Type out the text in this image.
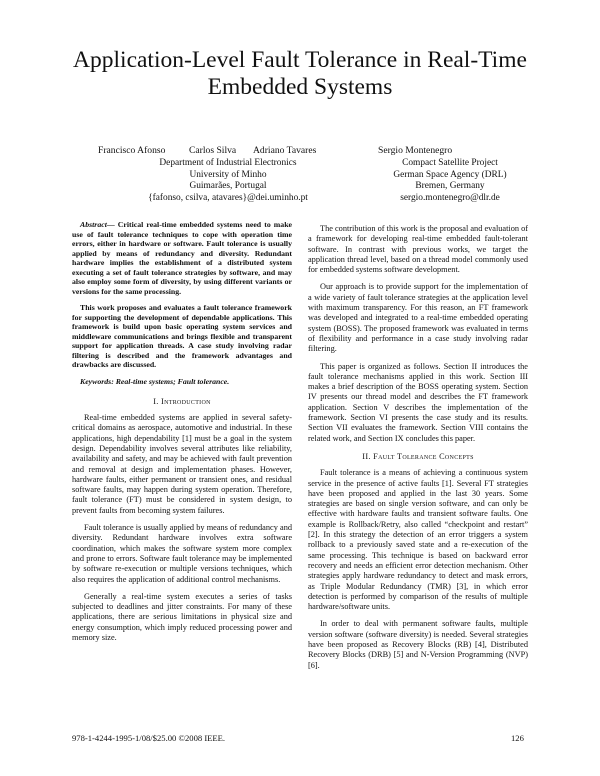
Application-Level Fault Tolerance in Real-Time Embedded Systems
Francisco Afonso Carlos Silva Adriano Tavares	Sergio Montenegro
Department of Industrial Electronics
University of Minho
Guimarães, Portugal
{fafonso, csilva, atavares}@dei.uminho.pt
Compact Satellite Project
German Space Agency (DRL)
Bremen, Germany
sergio.montenegro@dlr.de

Abstract— Critical real-time embedded systems need to make use of fault tolerance techniques to cope with operation time errors, either in hardware or software. Fault tolerance is usually applied by means of redundancy and diversity. Redundant hardware implies the establishment of a distributed system executing a set of fault tolerance strategies by software, and may also employ some form of diversity, by using different variants or versions for the same processing.

This work proposes and evaluates a fault tolerance framework for supporting the development of dependable applications. This framework is build upon basic operating system services and middleware communications and brings flexible and transparent support for application threads. A case study involving radar filtering is described and the framework advantages and drawbacks are discussed.

Keywords: Real-time systems; Fault tolerance.

I. Introduction

Real-time embedded systems are applied in several safety-critical domains as aerospace, automotive and industrial. In these applications, high dependability [1] must be a goal in the system design. Dependability involves several attributes like reliability, availability and safety, and may be achieved with fault prevention and removal at design and implementation phases. However, hardware faults, either permanent or transient ones, and residual software faults, may happen during system operation. Therefore, fault tolerance (FT) must be considered in system design, to prevent faults from becoming system failures.

Fault tolerance is usually applied by means of redundancy and diversity. Redundant hardware involves extra software coordination, which makes the software system more complex and prone to errors. Software fault tolerance may be implemented by software re-execution or multiple versions techniques, which also requires the application of additional control mechanisms.

Generally a real-time system executes a series of tasks subjected to deadlines and jitter constraints. For many of these applications, there are serious limitations in physical size and energy consumption, which imply reduced processing power and memory size.

The contribution of this work is the proposal and evaluation of a framework for developing real-time embedded fault-tolerant software. In contrast with previous works, we target the application thread level, based on a thread model commonly used for embedded systems software development.

Our approach is to provide support for the implementation of a wide variety of fault tolerance strategies at the application level with maximum transparency. For this reason, an FT framework was developed and integrated to a real-time embedded operating system (BOSS). The proposed framework was evaluated in terms of flexibility and performance in a case study involving radar filtering.

This paper is organized as follows. Section II introduces the fault tolerance mechanisms applied in this work. Section III makes a brief description of the BOSS operating system. Section IV presents our thread model and describes the FT framework application. Section V describes the implementation of the framework. Section VI presents the case study and its results. Section VII evaluates the framework. Section VIII contains the related work, and Section IX concludes this paper.

II. Fault Tolerance Concepts

Fault tolerance is a means of achieving a continuous system service in the presence of active faults [1]. Several FT strategies have been proposed and applied in the last 30 years. Some strategies are based on single version software, and can only be effective with hardware faults and transient software faults. One example is Rollback/Retry, also called “checkpoint and restart” [2]. In this strategy the detection of an error triggers a system rollback to a previously saved state and a re-execution of the same processing. This technique is based on backward error recovery and needs an efficient error detection mechanism. Other strategies apply hardware redundancy to detect and mask errors, as Triple Modular Redundancy (TMR) [3], in which error detection is performed by comparison of the results of multiple hardware/software units.

In order to deal with permanent software faults, multiple version software (software diversity) is needed. Several strategies have been proposed as Recovery Blocks (RB) [4], Distributed Recovery Blocks (DRB) [5] and N-Version Programming (NVP) [6].

978-1-4244-1995-1/08/$25.00 ©2008 IEEE.	126
